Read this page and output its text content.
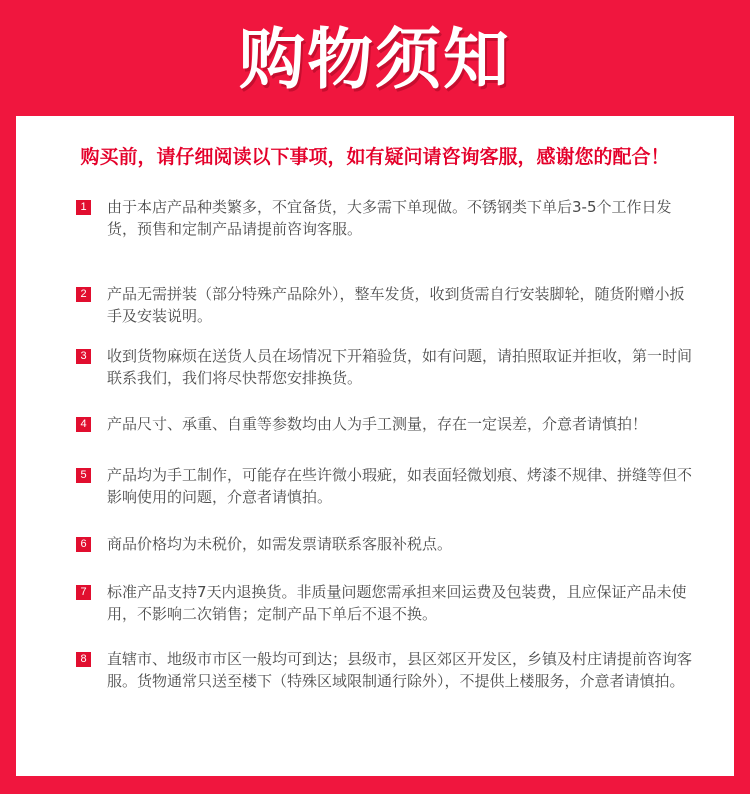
购物须知
购买前，请仔细阅读以下事项，如有疑问请咨询客服，感谢您的配合！
1 由于本店产品种类繁多，不宜备货，大多需下单现做。不锈钢类下单后3-5个工作日发货，预售和定制产品请提前咨询客服。
2 产品无需拼装（部分特殊产品除外），整车发货，收到货需自行安装脚轮，随货附赠小扳手及安装说明。
3 收到货物麻烦在送货人员在场情况下开箱验货，如有问题，请拍照取证并拒收，第一时间联系我们，我们将尽快帮您安排换货。
4 产品尺寸、承重、自重等参数均由人为手工测量，存在一定误差，介意者请慎拍！
5 产品均为手工制作，可能存在些许微小瑕疵，如表面轻微划痕、烤漆不规律、拼缝等但不影响使用的问题，介意者请慎拍。
6 商品价格均为未税价，如需发票请联系客服补税点。
7 标准产品支持7天内退换货。非质量问题您需承担来回运费及包装费，且应保证产品未使用，不影响二次销售；定制产品下单后不退不换。
8 直辖市、地级市市区一般均可到达；县级市，县区郊区开发区，乡镇及村庄请提前咨询客服。货物通常只送至楼下（特殊区域限制通行除外），不提供上楼服务，介意者请慎拍。
